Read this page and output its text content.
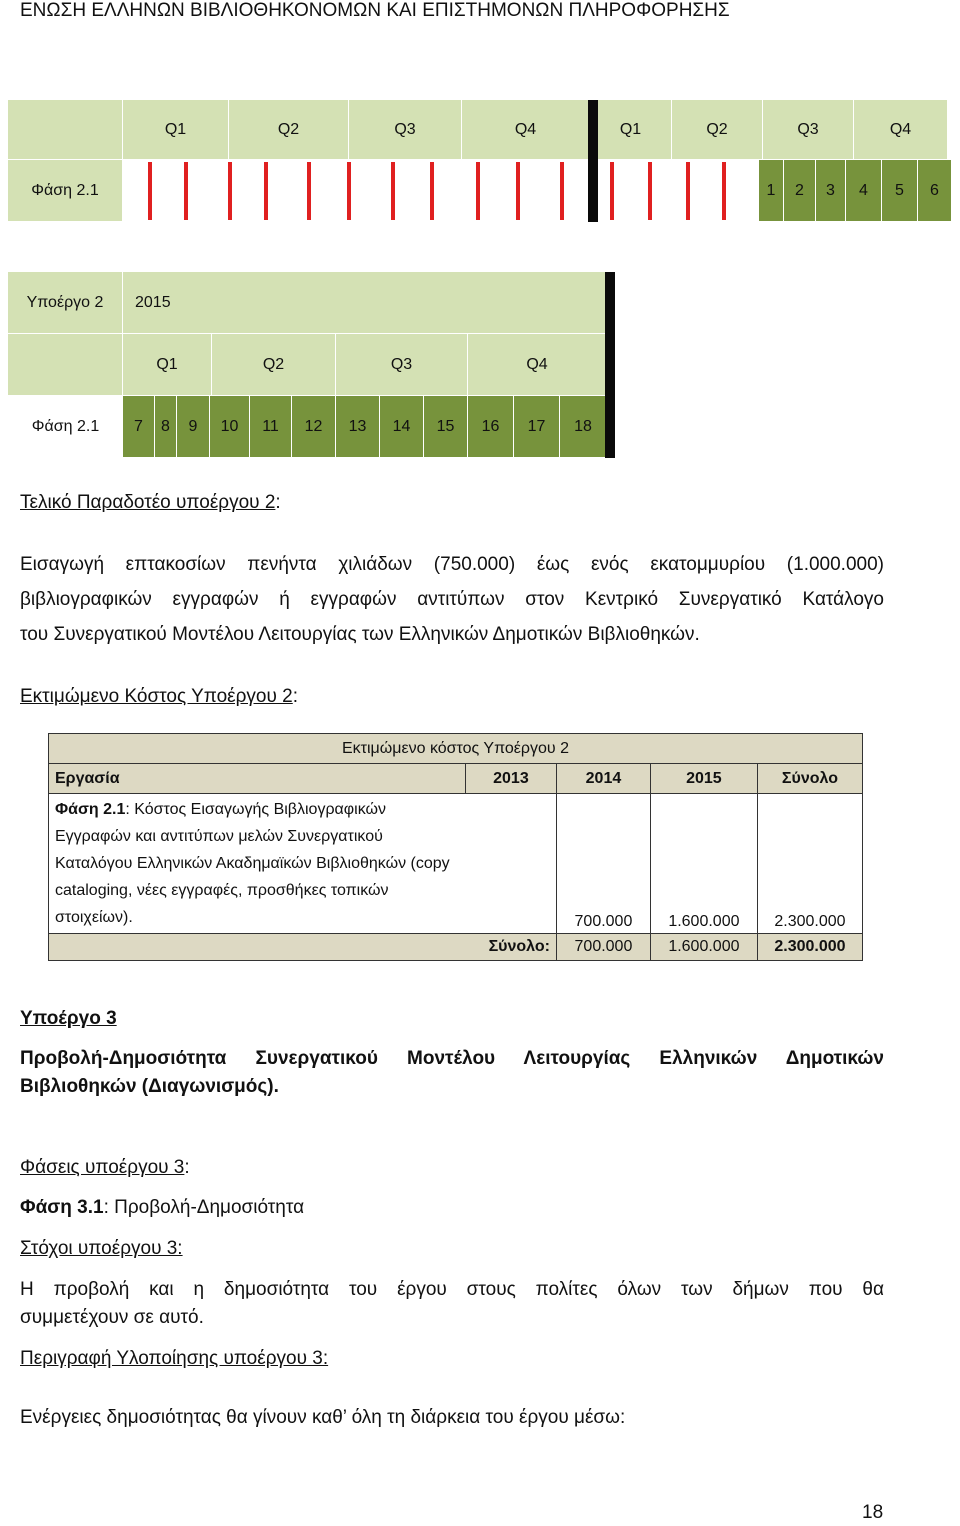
ΕΝΩΣΗ ΕΛΛΗΝΩΝ ΒΙΒΛΙΟΘΗΚΟΝΟΜΩΝ ΚΑΙ ΕΠΙΣΤΗΜΟΝΩΝ ΠΛΗΡΟΦΟΡΗΣΗΣ
Q1	Q2	Q3	Q4	Q1	Q2	Q3	Q4
Φάση 2.1	1	2	3	4	5	6
Υποέργο 2	2015
Q1	Q2	Q3	Q4
Φάση 2.1	7	8	9	10	11	12	13	14	15	16	17	18
Τελικό Παραδοτέο υποέργου 2:
Εισαγωγή επτακοσίων πενήντα χιλιάδων (750.000) έως ενός εκατομμυρίου (1.000.000)
βιβλιογραφικών εγγραφών ή εγγραφών αντιτύπων στον Κεντρικό Συνεργατικό Κατάλογο
του Συνεργατικού Μοντέλου Λειτουργίας των Ελληνικών Δημοτικών Βιβλιοθηκών.
Εκτιμώμενο Κόστος Υποέργου 2:
Εκτιμώμενο κόστος Υποέργου 2				
Εργασία	2013	2014	2015	Σύνολο
Φάση 2.1: Κόστος Εισαγωγής Βιβλιογραφικών Εγγραφών και αντιτύπων μελών Συνεργατικού Καταλόγου Ελληνικών Ακαδημαϊκών Βιβλιοθηκών (copy cataloging, νέες εγγραφές, προσθήκες τοπικών στοιχείων).		700.000	1.600.000	2.300.000
Σύνολο:		700.000	1.600.000	2.300.000
Υποέργο 3
Προβολή-Δημοσιότητα Συνεργατικού Μοντέλου Λειτουργίας Ελληνικών Δημοτικών
Βιβλιοθηκών (Διαγωνισμός).
Φάσεις υποέργου 3:
Φάση 3.1: Προβολή-Δημοσιότητα
Στόχοι υποέργου 3:
Η προβολή και η δημοσιότητα του έργου στους πολίτες όλων των δήμων που θα
συμμετέχουν σε αυτό.
Περιγραφή Υλοποίησης υποέργου 3:
Ενέργειες δημοσιότητας θα γίνουν καθ’ όλη τη διάρκεια του έργου μέσω:
18
